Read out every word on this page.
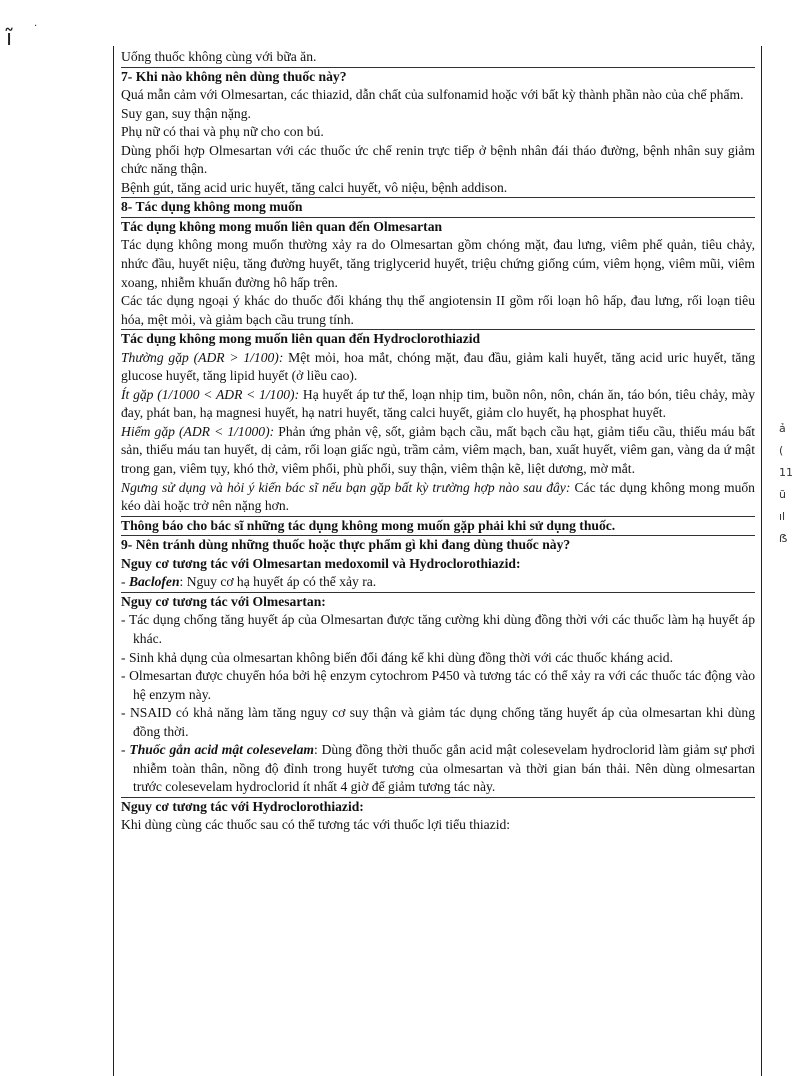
ĩ
.

Uống thuốc không cùng với bữa ăn.

7- Khi nào không nên dùng thuốc này?

Quá mẫn cảm với Olmesartan, các thiazid, dẫn chất của sulfonamid hoặc với bất kỳ thành phần nào của chế phẩm.

Suy gan, suy thận nặng.

Phụ nữ có thai và phụ nữ cho con bú.

Dùng phối hợp Olmesartan với các thuốc ức chế renin trực tiếp ở bệnh nhân đái tháo đường, bệnh nhân suy giảm chức năng thận.

Bệnh gút, tăng acid uric huyết, tăng calci huyết, vô niệu, bệnh addison.

8- Tác dụng không mong muốn

Tác dụng không mong muốn liên quan đến Olmesartan

Tác dụng không mong muốn thường xảy ra do Olmesartan gồm chóng mặt, đau lưng, viêm phế quản, tiêu chảy, nhức đầu, huyết niệu, tăng đường huyết, tăng triglycerid huyết, triệu chứng giống cúm, viêm họng, viêm mũi, viêm xoang, nhiễm khuẩn đường hô hấp trên.

Các tác dụng ngoại ý khác do thuốc đối kháng thụ thể angiotensin II gồm rối loạn hô hấp, đau lưng, rối loạn tiêu hóa, mệt mỏi, và giảm bạch cầu trung tính.

Tác dụng không mong muốn liên quan đến Hydroclorothiazid

Thường gặp (ADR > 1/100): Mệt mỏi, hoa mắt, chóng mặt, đau đầu, giảm kali huyết, tăng acid uric huyết, tăng glucose huyết, tăng lipid huyết (ở liều cao).

Ít gặp (1/1000 < ADR < 1/100): Hạ huyết áp tư thế, loạn nhịp tim, buồn nôn, nôn, chán ăn, táo bón, tiêu chảy, mày đay, phát ban, hạ magnesi huyết, hạ natri huyết, tăng calci huyết, giảm clo huyết, hạ phosphat huyết.

Hiếm gặp (ADR < 1/1000): Phản ứng phản vệ, sốt, giảm bạch cầu, mất bạch cầu hạt, giảm tiểu cầu, thiếu máu bất sản, thiếu máu tan huyết, dị cảm, rối loạn giấc ngủ, trầm cảm, viêm mạch, ban, xuất huyết, viêm gan, vàng da ứ mật trong gan, viêm tụy, khó thở, viêm phổi, phù phổi, suy thận, viêm thận kẽ, liệt dương, mờ mắt.

Ngưng sử dụng và hỏi ý kiến bác sĩ nếu bạn gặp bất kỳ trường hợp nào sau đây: Các tác dụng không mong muốn kéo dài hoặc trở nên nặng hơn.

Thông báo cho bác sĩ những tác dụng không mong muốn gặp phải khi sử dụng thuốc.

9- Nên tránh dùng những thuốc hoặc thực phẩm gì khi đang dùng thuốc này?

Nguy cơ tương tác với Olmesartan medoxomil và Hydroclorothiazid:

- Baclofen: Nguy cơ hạ huyết áp có thể xảy ra.

Nguy cơ tương tác với Olmesartan:

- Tác dụng chống tăng huyết áp của Olmesartan được tăng cường khi dùng đồng thời với các thuốc làm hạ huyết áp khác.

- Sinh khả dụng của olmesartan không biến đổi đáng kể khi dùng đồng thời với các thuốc kháng acid.

- Olmesartan được chuyển hóa bởi hệ enzym cytochrom P450 và tương tác có thể xảy ra với các thuốc tác động vào hệ enzym này.

- NSAID có khả năng làm tăng nguy cơ suy thận và giảm tác dụng chống tăng huyết áp của olmesartan khi dùng đồng thời.

- Thuốc gắn acid mật colesevelam: Dùng đồng thời thuốc gắn acid mật colesevelam hydroclorid làm giảm sự phơi nhiễm toàn thân, nồng độ đỉnh trong huyết tương của olmesartan và thời gian bán thải. Nên dùng olmesartan trước colesevelam hydroclorid ít nhất 4 giờ để giảm tương tác này.

Nguy cơ tương tác với Hydroclorothiazid:

Khi dùng cùng các thuốc sau có thể tương tác với thuốc lợi tiểu thiazid:

ả
(
11
ũ
ıl
ẞ
